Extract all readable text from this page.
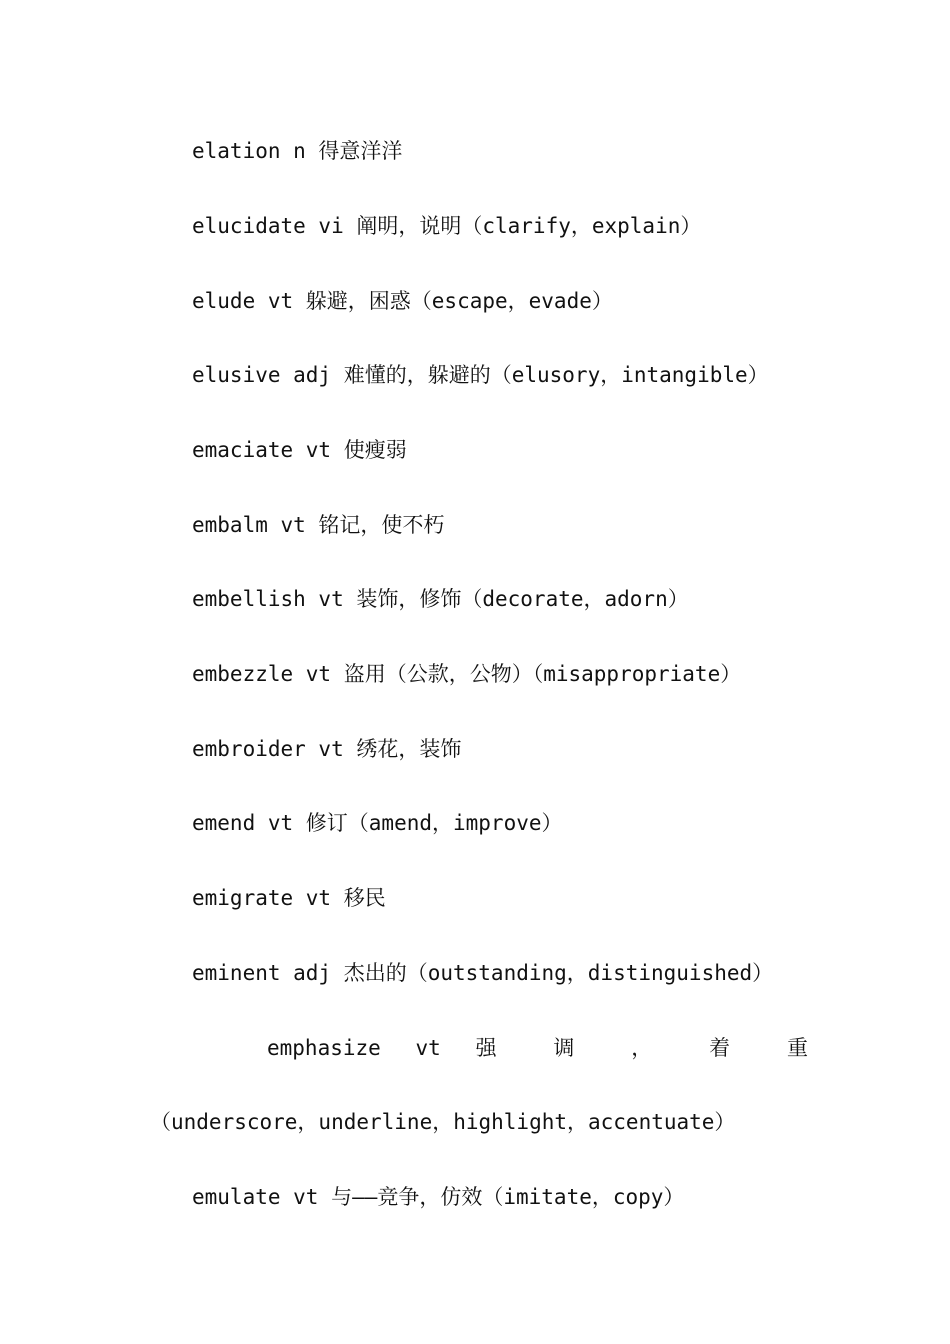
elation n 得意洋洋
elucidate vi 阐明，说明（clarify，explain）
elude vt 躲避，困惑（escape，evade）
elusive adj 难懂的，躲避的（elusory，intangible）
emaciate vt 使瘦弱
embalm vt 铭记，使不朽
embellish vt 装饰，修饰（decorate，adorn）
embezzle vt 盗用（公款，公物）（misappropriate）
embroider vt 绣花，装饰
emend vt 修订（amend，improve）
emigrate vt 移民
eminent adj 杰出的（outstanding，distinguished）
emphasize vt 强 调 ， 着 重
（underscore，underline，highlight，accentuate）
emulate vt 与——竞争，仿效（imitate，copy）
